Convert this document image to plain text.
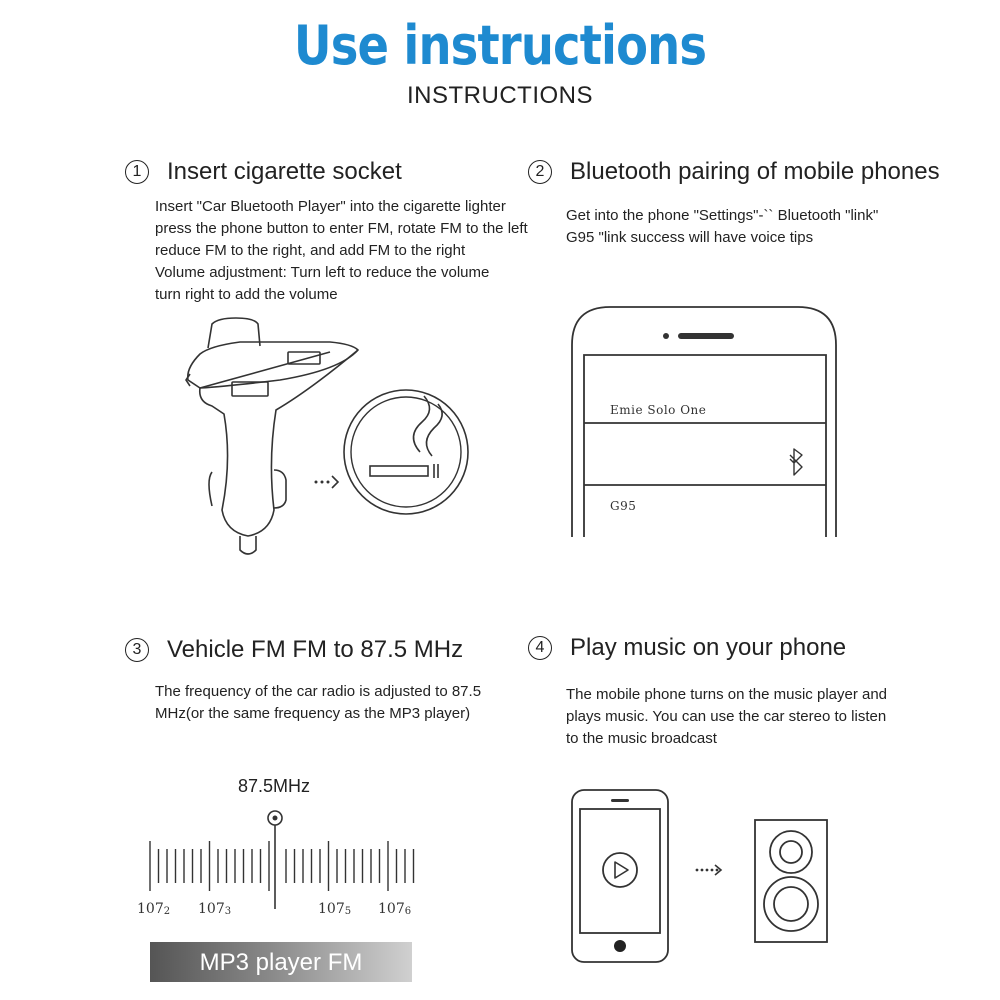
Use instructions
INSTRUCTIONS
1 Insert cigarette socket
Insert "Car Bluetooth Player" into the cigarette lighter
press the phone button to enter FM, rotate FM to the left
reduce FM to the right, and add FM to the right
Volume adjustment: Turn left to reduce the volume
turn right to add the volume
2 Bluetooth pairing of mobile phones
Get into the phone "Settings"-`` Bluetooth "link"
G95 "link success will have voice tips
Emie Solo One
G95
3 Vehicle FM FM to 87.5 MHz
The frequency of the car radio is adjusted to 87.5
MHz(or the same frequency as the MP3 player)
87.5MHz
$107_2$ $107_3$	$107_5$ $107_6$
MP3 player FM
4 Play music on your phone
The mobile phone turns on the music player and
plays music. You can use the car stereo to listen
to the music broadcast
